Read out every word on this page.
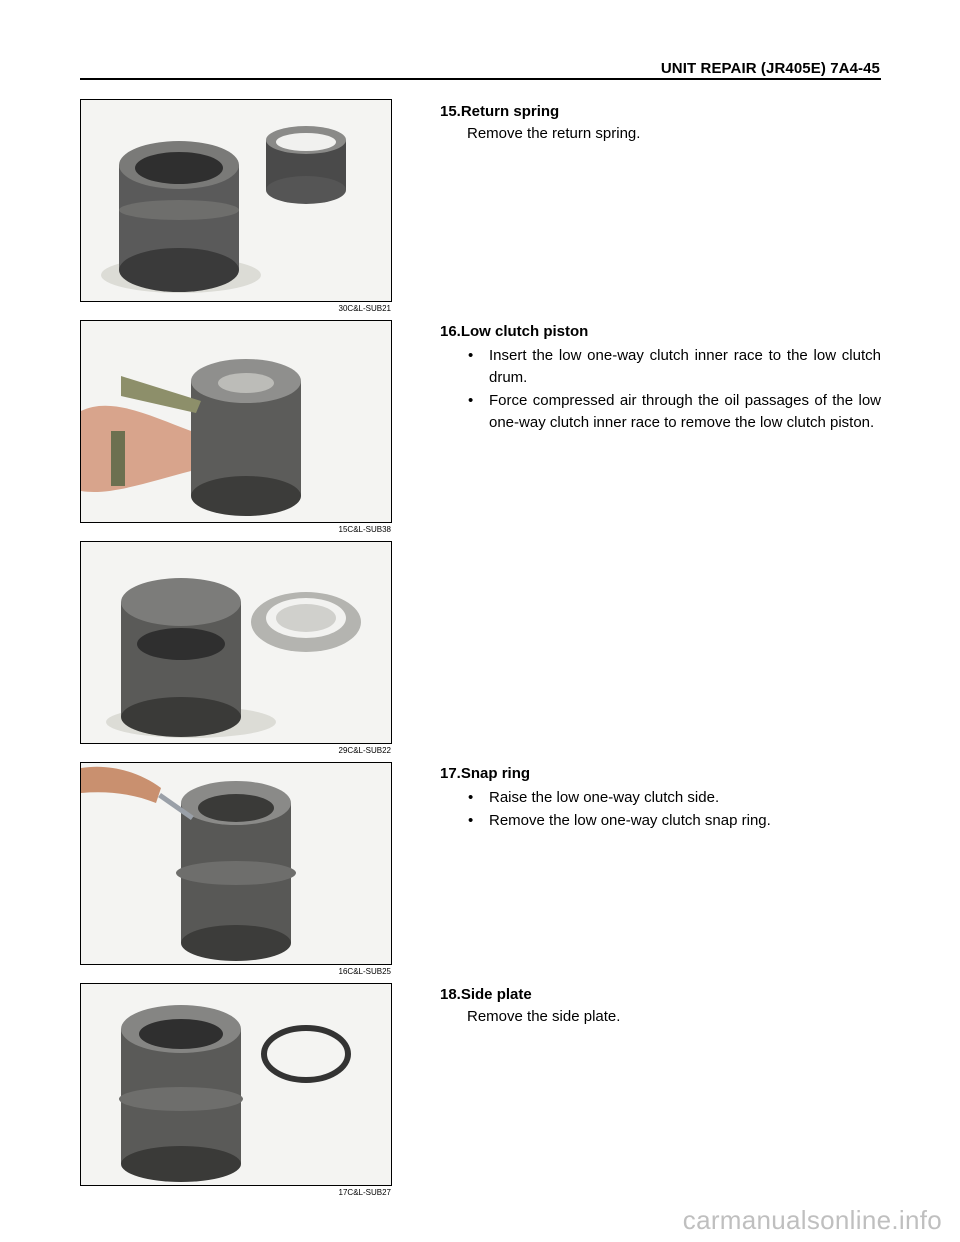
UNIT REPAIR (JR405E) 7A4-45
30C&L-SUB21
15C&L-SUB38
29C&L-SUB22
16C&L-SUB25
17C&L-SUB27
15.Return spring
Remove the return spring.
16.Low clutch piston
• Insert the low one-way clutch inner race to the low clutch drum.
• Force compressed air through the oil passages of the low one-way clutch inner race to remove the low clutch piston.
17.Snap ring
• Raise the low one-way clutch side.
• Remove the low one-way clutch snap ring.
18.Side plate
Remove the side plate.
carmanualsonline.info
